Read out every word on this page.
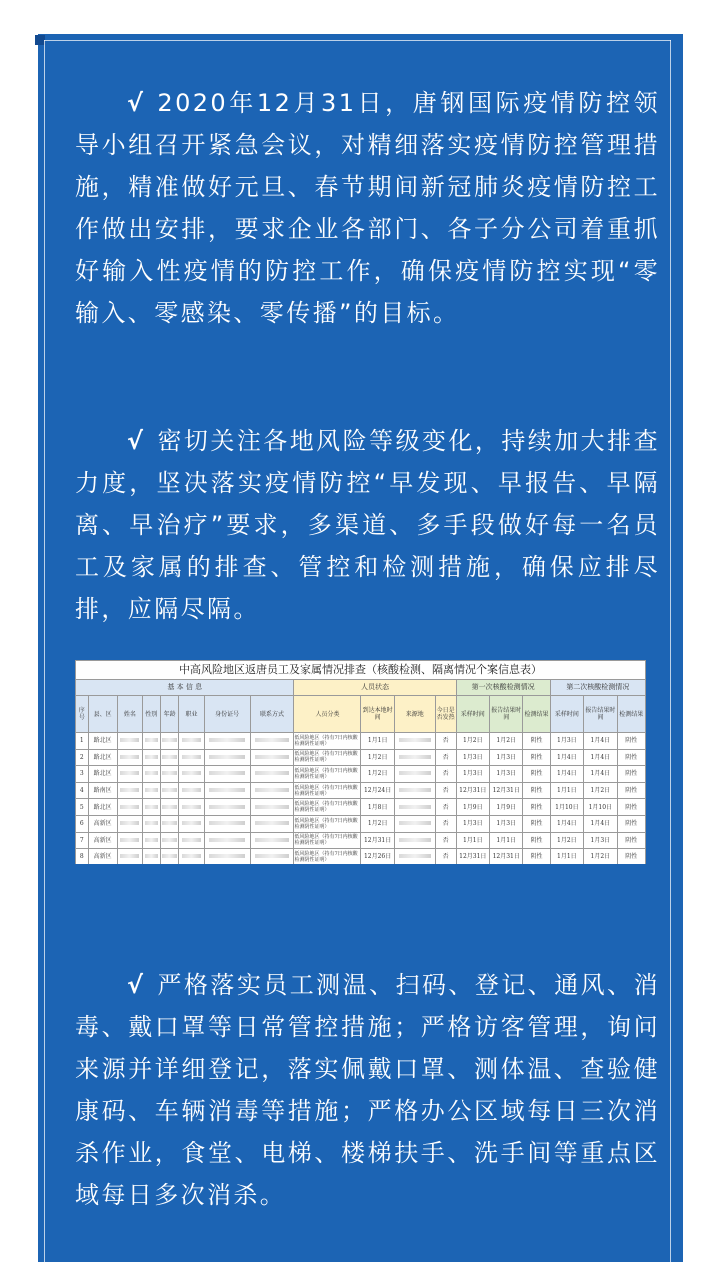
√ 2020年12月31日，唐钢国际疫情防控领导小组召开紧急会议，对精细落实疫情防控管理措施，精准做好元旦、春节期间新冠肺炎疫情防控工作做出安排，要求企业各部门、各子分公司着重抓好输入性疫情的防控工作，确保疫情防控实现“零输入、零感染、零传播”的目标。

√ 密切关注各地风险等级变化，持续加大排查力度，坚决落实疫情防控“早发现、早报告、早隔离、早治疗”要求，多渠道、多手段做好每一名员工及家属的排查、管控和检测措施，确保应排尽排，应隔尽隔。

中高风险地区返唐员工及家属情况排查（核酸检测、隔离情况个案信息表）																	
基 本 信 息								人员状态				第一次核酸检测情况			第二次核酸检测情况		
序号	县、区	姓名	性别	年龄	职业	身份证号	联系方式	人员分类	到达本地时间	来源地	今日是否发热	采样时间	报告结果时间	检测结果	采样时间	报告结果时间	检测结果
1	路北区							低风险地区（持有7日内核酸检测阴性证明）	1月1日		否	1月2日	1月2日	阴性	1月3日	1月4日	阴性
2	路北区							低风险地区（持有7日内核酸检测阴性证明）	1月2日		否	1月3日	1月3日	阴性	1月4日	1月4日	阴性
3	路北区							低风险地区（持有7日内核酸检测阴性证明）	1月2日		否	1月3日	1月3日	阴性	1月4日	1月4日	阴性
4	路南区							低风险地区（持有7日内核酸检测阴性证明）	12月24日		否	12月31日	12月31日	阴性	1月1日	1月2日	阴性
5	路北区							低风险地区（持有7日内核酸检测阴性证明）	1月8日		否	1月9日	1月9日	阴性	1月10日	1月10日	阴性
6	高新区							低风险地区（持有7日内核酸检测阴性证明）	1月2日		否	1月3日	1月3日	阴性	1月4日	1月4日	阴性
7	高新区							低风险地区（持有7日内核酸检测阴性证明）	12月31日		否	1月1日	1月1日	阴性	1月2日	1月3日	阴性
8	高新区							低风险地区（持有7日内核酸检测阴性证明）	12月26日		否	12月31日	12月31日	阴性	1月1日	1月2日	阴性

√ 严格落实员工测温、扫码、登记、通风、消毒、戴口罩等日常管控措施；严格访客管理，询问来源并详细登记，落实佩戴口罩、测体温、查验健康码、车辆消毒等措施；严格办公区域每日三次消杀作业，食堂、电梯、楼梯扶手、洗手间等重点区域每日多次消杀。
